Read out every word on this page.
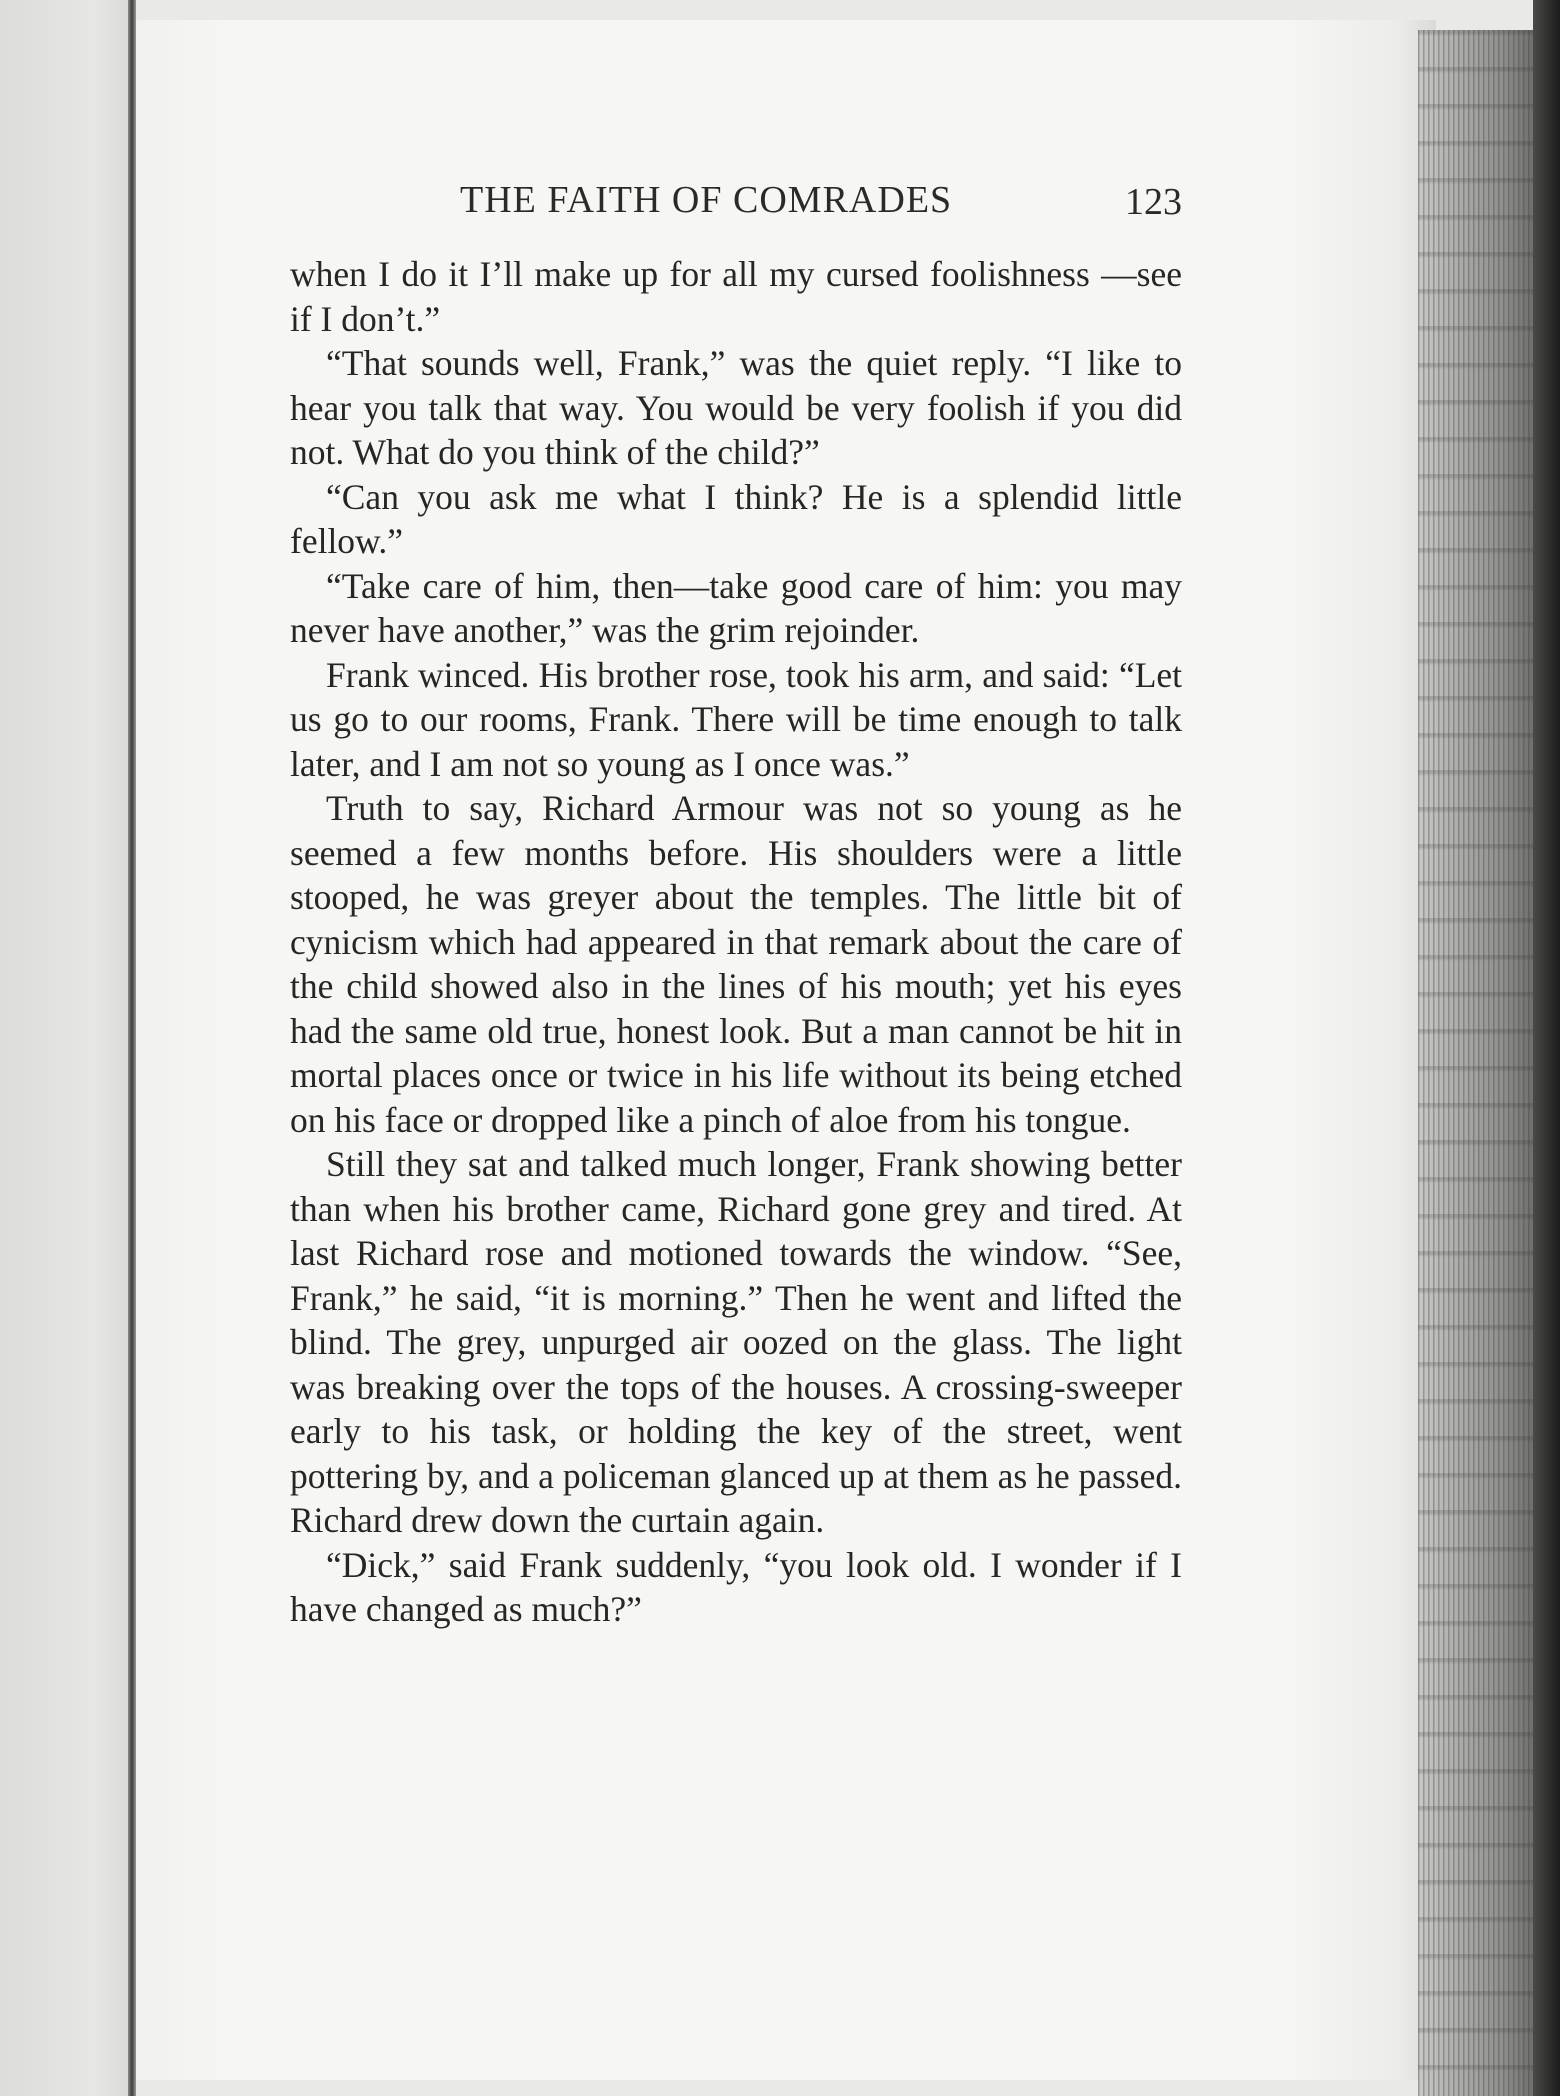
THE FAITH OF COMRADES	123

when I do it I’ll make up for all my cursed foolishness —see if I don’t.”

“That sounds well, Frank,” was the quiet reply. “I like to hear you talk that way. You would be very foolish if you did not. What do you think of the child?”

“Can you ask me what I think? He is a splendid little fellow.”

“Take care of him, then—take good care of him: you may never have another,” was the grim rejoinder.

Frank winced. His brother rose, took his arm, and said: “Let us go to our rooms, Frank. There will be time enough to talk later, and I am not so young as I once was.”

Truth to say, Richard Armour was not so young as he seemed a few months before. His shoulders were a little stooped, he was greyer about the temples. The little bit of cynicism which had appeared in that remark about the care of the child showed also in the lines of his mouth; yet his eyes had the same old true, honest look. But a man cannot be hit in mortal places once or twice in his life without its being etched on his face or dropped like a pinch of aloe from his tongue.

Still they sat and talked much longer, Frank showing better than when his brother came, Richard gone grey and tired. At last Richard rose and motioned towards the window. “See, Frank,” he said, “it is morning.” Then he went and lifted the blind. The grey, unpurged air oozed on the glass. The light was breaking over the tops of the houses. A crossing-sweeper early to his task, or holding the key of the street, went pottering by, and a policeman glanced up at them as he passed. Richard drew down the curtain again.

“Dick,” said Frank suddenly, “you look old. I wonder if I have changed as much?”
